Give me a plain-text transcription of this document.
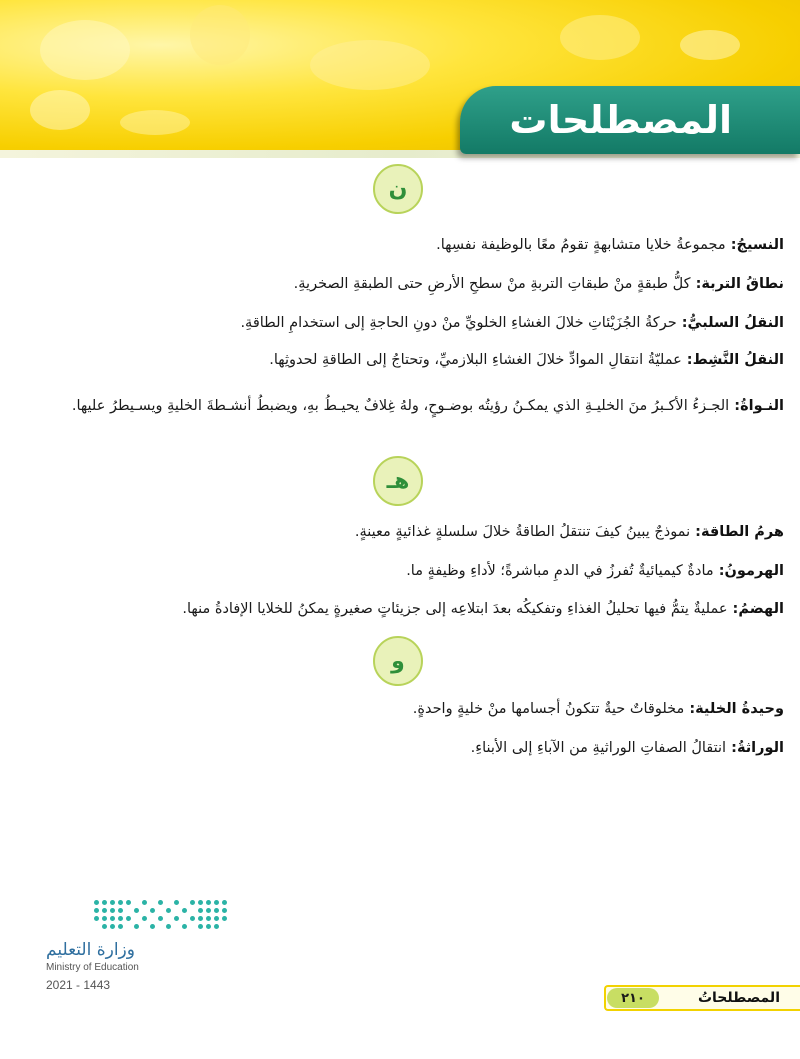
المصطلحات
ن
النسيجُ: مجموعةُ خلايا متشابهةٍ تقومُ معًا بالوظيفة نفسِها.
نطاقُ التربة: كلُّ طبقةٍ منْ طبقاتِ التربةِ منْ سطحِ الأرضِ حتى الطبقةِ الصخريةِ.
النقلُ السلبيُّ: حركةُ الجُزَيْئاتِ خلالَ الغشاءِ الخلويِّ منْ دونِ الحاجةِ إلى استخدامِ الطاقةِ.
النقلُ النَّشِط: عمليّةُ انتقالِ الموادِّ خلالَ الغشاءِ البلازميِّ، وتحتاجُ إلى الطاقةِ لحدوثِها.
النـواةُ: الجـزءُ الأكـبرُ منَ الخليـةِ الذي يمكـنُ رؤيتُه بوضـوحٍ، ولهُ غِلافٌ يحيـطُ بهِ، ويضبطُ أنشـطةَ الخليةِ ويسـيطرُ عليها.
هـ
هرمُ الطاقة: نموذجٌ يبينُ كيفَ تنتقلُ الطاقةُ خلالَ سلسلةٍ غذائيةٍ معينةٍ.
الهرمونُ: مادةٌ كيميائيةٌ تُفرزُ في الدمِ مباشرةً؛ لأداءِ وظيفةٍ ما.
الهضمُ: عمليةٌ يتمُّ فيها تحليلُ الغذاءِ وتفكيكُه بعدَ ابتلاعِه إلى جزيئاتٍ صغيرةٍ يمكنُ للخلايا الإفادةُ منها.
و
وحيدةُ الخلية: مخلوقاتٌ حيةٌ تتكونُ أجسامها منْ خليةٍ واحدةٍ.
الوراثةُ: انتقالُ الصفاتِ الوراثيةِ من الآباءِ إلى الأبناءِ.
وزارة التعليم
Ministry of Education
2021 - 1443
٢١٠	المصطلحاتُ
